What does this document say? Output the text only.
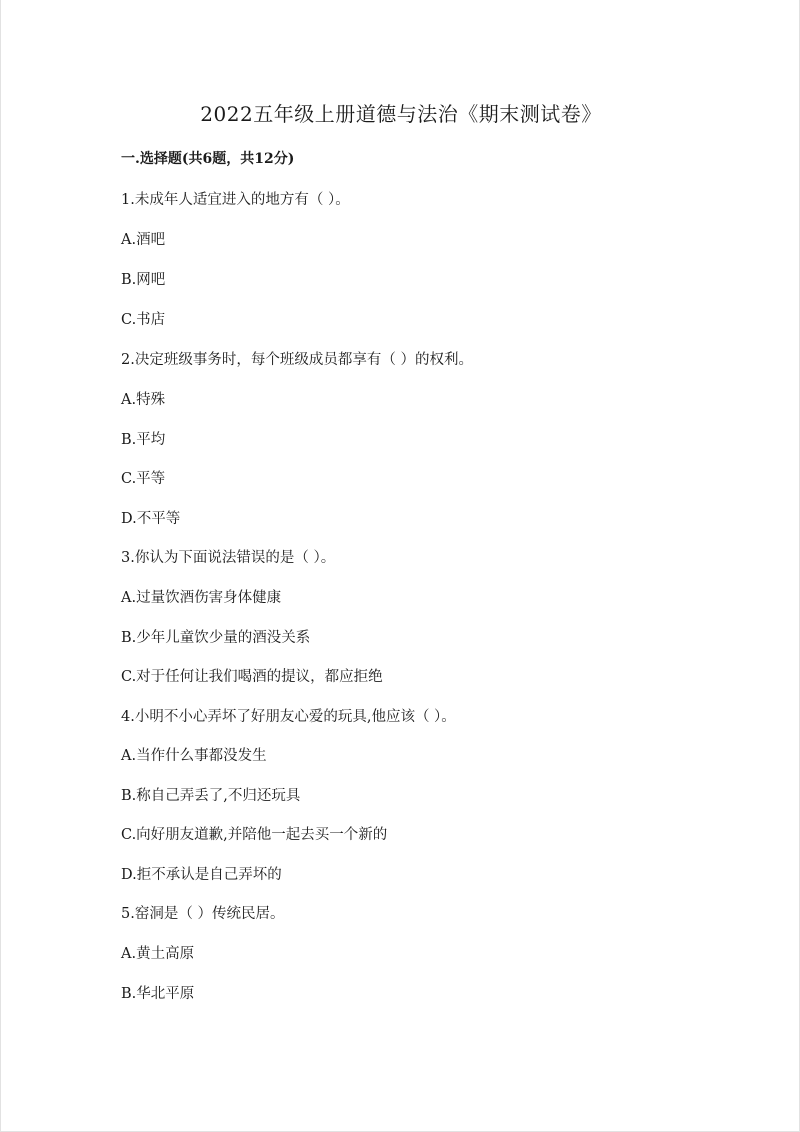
2022五年级上册道德与法治《期末测试卷》

一.选择题(共6题，共12分)

1.未成年人适宜进入的地方有（ ）。

A.酒吧

B.网吧

C.书店

2.决定班级事务时，每个班级成员都享有（ ）的权利。

A.特殊

B.平均

C.平等

D.不平等

3.你认为下面说法错误的是（ ）。

A.过量饮酒伤害身体健康

B.少年儿童饮少量的酒没关系

C.对于任何让我们喝酒的提议，都应拒绝

4.小明不小心弄坏了好朋友心爱的玩具,他应该（ ）。

A.当作什么事都没发生

B.称自己弄丢了,不归还玩具

C.向好朋友道歉,并陪他一起去买一个新的

D.拒不承认是自己弄坏的

5.窑洞是（ ）传统民居。

A.黄土高原

B.华北平原
